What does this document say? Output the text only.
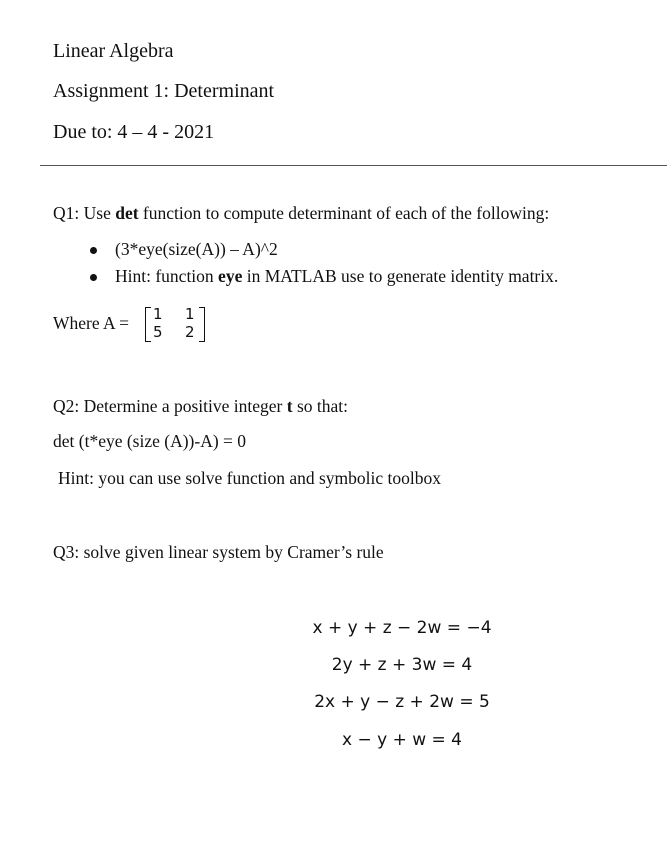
Linear Algebra
Assignment 1: Determinant
Due to: 4 – 4 - 2021
Q1: Use det function to compute determinant of each of the following:
(3*eye(size(A)) – A)^2
Hint: function eye in MATLAB use to generate identity matrix.
Where A = 1 1
5 2
Q2: Determine a positive integer t so that:
det (t*eye (size (A))-A) = 0
Hint: you can use solve function and symbolic toolbox
Q3: solve given linear system by Cramer’s rule
x + y + z − 2w = −4
2y + z + 3w = 4
2x + y − z + 2w = 5
x − y + w = 4
